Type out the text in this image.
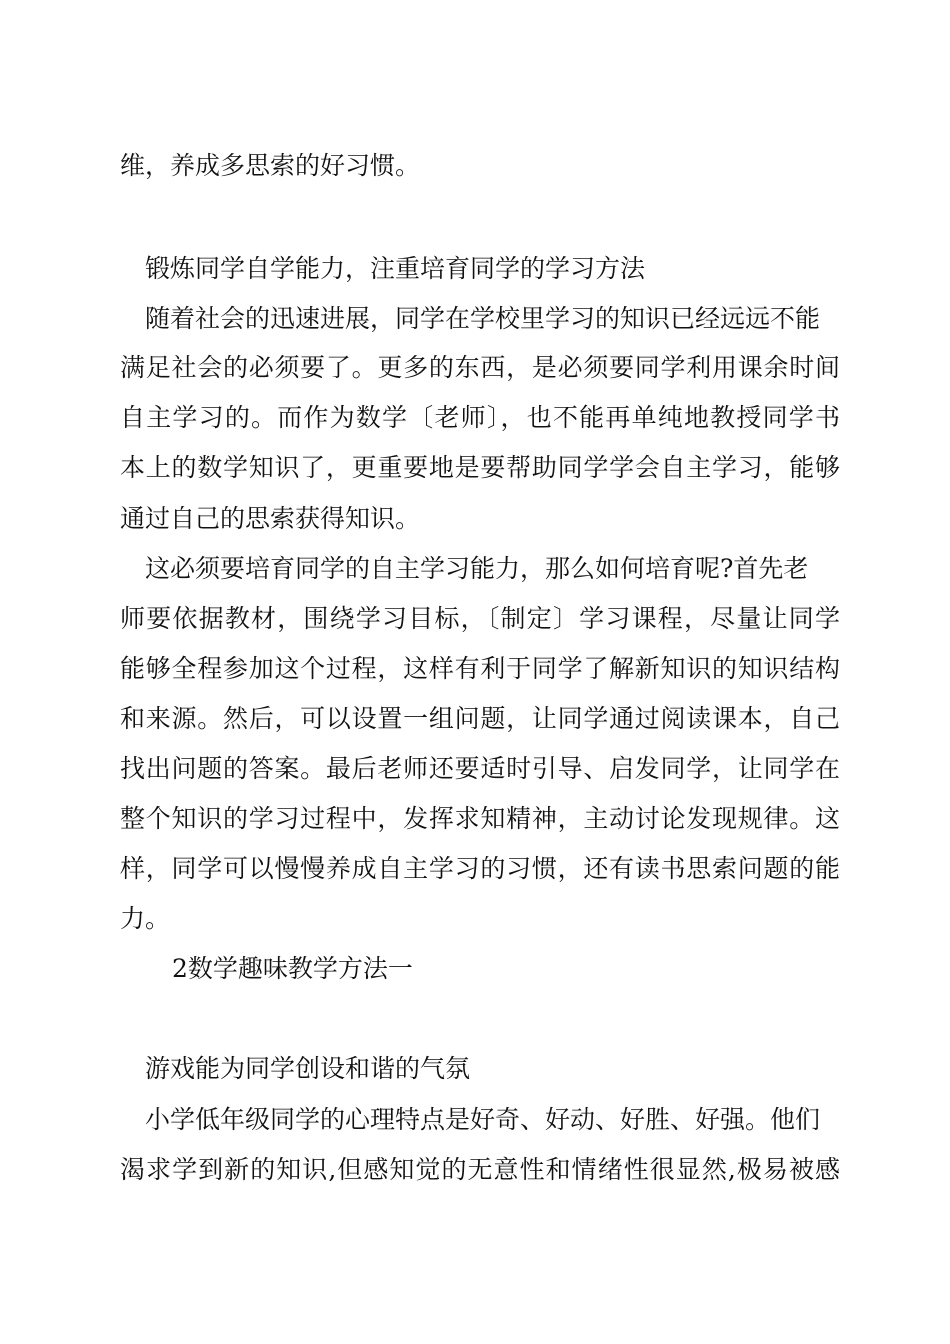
维，养成多思索的好习惯。
锻炼同学自学能力，注重培育同学的学习方法
随着社会的迅速进展，同学在学校里学习的知识已经远远不能
满足社会的必须要了。更多的东西，是必须要同学利用课余时间
自主学习的。而作为数学〔老师〕，也不能再单纯地教授同学书
本上的数学知识了，更重要地是要帮助同学学会自主学习，能够
通过自己的思索获得知识。
这必须要培育同学的自主学习能力，那么如何培育呢?首先老
师要依据教材，围绕学习目标，〔制定〕学习课程，尽量让同学
能够全程参加这个过程，这样有利于同学了解新知识的知识结构
和来源。然后，可以设置一组问题，让同学通过阅读课本，自己
找出问题的答案。最后老师还要适时引导、启发同学，让同学在
整个知识的学习过程中，发挥求知精神，主动讨论发现规律。这
样，同学可以慢慢养成自主学习的习惯，还有读书思索问题的能
力。
2数学趣味教学方法一
游戏能为同学创设和谐的气氛
小学低年级同学的心理特点是好奇、好动、好胜、好强。他们
渴求学到新的知识,但感知觉的无意性和情绪性很显然,极易被感
